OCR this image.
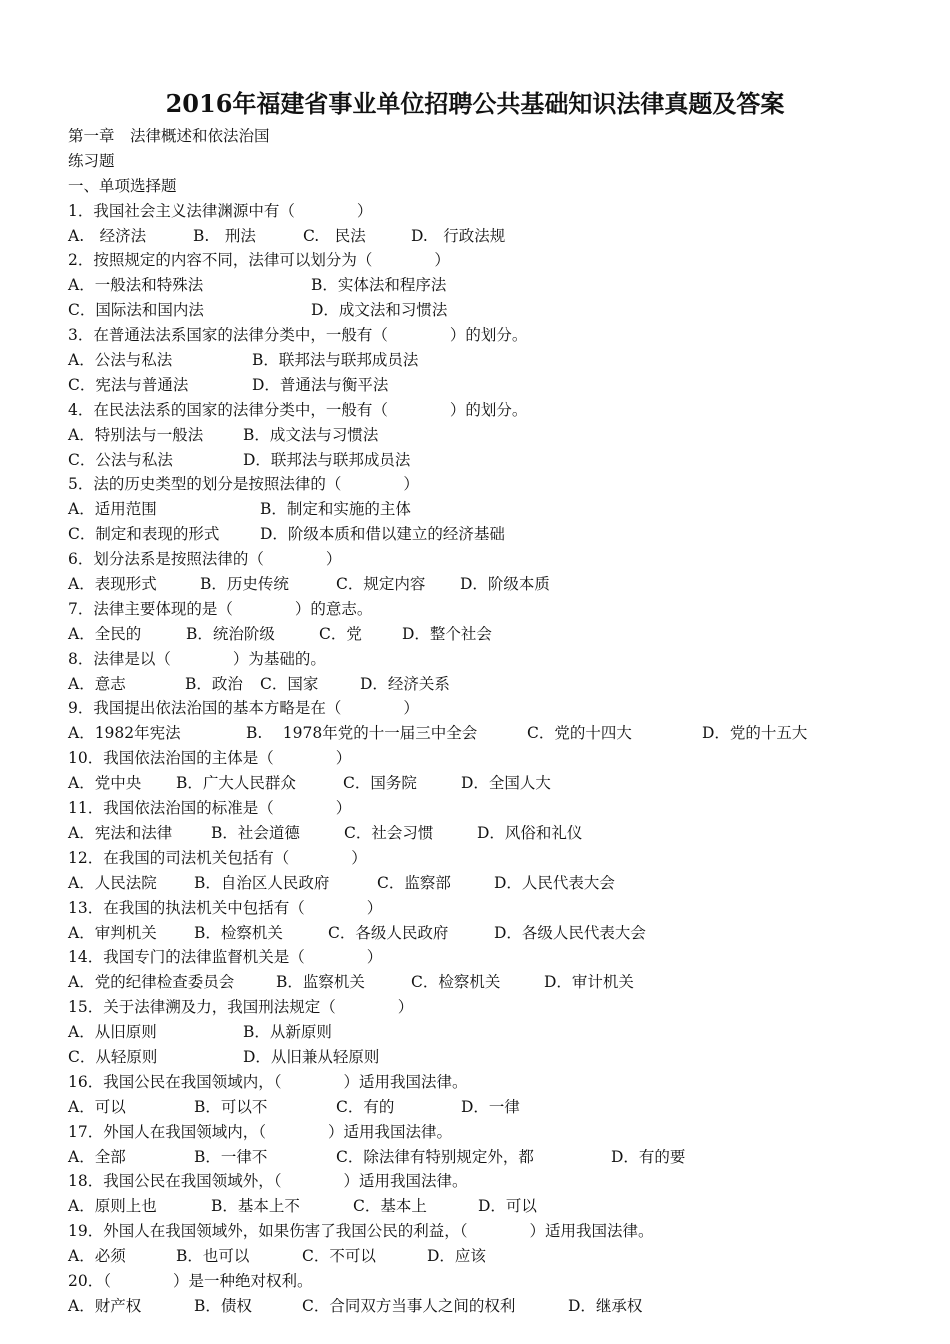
2016年福建省事业单位招聘公共基础知识法律真题及答案
第一章　法律概述和依法治国
练习题
一、单项选择题
1．我国社会主义法律渊源中有（　　　　）
A.　经济法	B.　刑法	C.　民法	D.　行政法规
2．按照规定的内容不同，法律可以划分为（　　　　）
A．一般法和特殊法	B．实体法和程序法
C．国际法和国内法	D．成文法和习惯法
3．在普通法法系国家的法律分类中，一般有（　　　　）的划分。
A．公法与私法	B．联邦法与联邦成员法
C．宪法与普通法	D．普通法与衡平法
4．在民法法系的国家的法律分类中，一般有（　　　　）的划分。
A．特别法与一般法	B．成文法与习惯法
C．公法与私法	D．联邦法与联邦成员法
5．法的历史类型的划分是按照法律的（　　　　）
A．适用范围	B．制定和实施的主体
C．制定和表现的形式	D．阶级本质和借以建立的经济基础
6．划分法系是按照法律的（　　　　）
A．表现形式	B．历史传统	C．规定内容 D．阶级本质
7．法律主要体现的是（　　　　）的意志。
A．全民的	B．统治阶级	C．党	D．整个社会
8．法律是以（　　　　）为基础的。
A．意志	B．政治 C．国家	D．经济关系
9．我国提出依法治国的基本方略是在（　　　　）
A．1982年宪法	B.　 1978年党的十一届三中全会	C．党的十四大	D．党的十五大
10．我国依法治国的主体是（　　　　）
A．党中央 B．广大人民群众	C．国务院	D．全国人大
11．我国依法治国的标准是（　　　　）
A．宪法和法律	B．社会道德	C．社会习惯	D．风俗和礼仪
12．在我国的司法机关包括有（　　　　）
A．人民法院 B．自治区人民政府	C．监察部	D．人民代表大会
13．在我国的执法机关中包括有（　　　　）
A．审判机关 B．检察机关	C．各级人民政府	D．各级人民代表大会
14．我国专门的法律监督机关是（　　　　）
A．党的纪律检查委员会	B．监察机关	C．检察机关	D．审计机关
15．关于法律溯及力，我国刑法规定（　　　　）
A．从旧原则	B．从新原则
C．从轻原则	D．从旧兼从轻原则
16．我国公民在我国领域内，（　　　　）适用我国法律。
A．可以	B．可以不	C．有的	D．一律
17．外国人在我国领域内，（　　　　）适用我国法律。
A．全部	B．一律不	C．除法律有特别规定外，都	D．有的要
18．我国公民在我国领域外，（　　　　）适用我国法律。
A．原则上也	B．基本上不	C．基本上	D．可以
19．外国人在我国领域外，如果伤害了我国公民的利益，（　　　　）适用我国法律。
A．必须	B．也可以	C．不可以	D．应该
20．（　　　　）是一种绝对权利。
A．财产权	B．债权	C．合同双方当事人之间的权利	D．继承权
